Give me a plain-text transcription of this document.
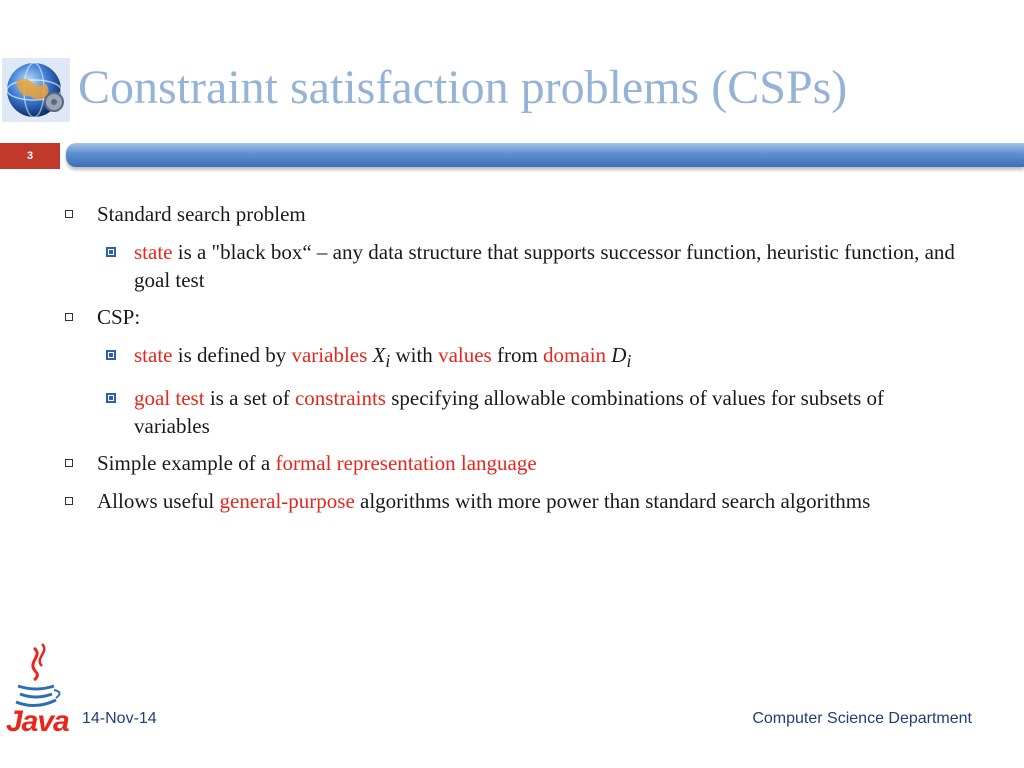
Constraint satisfaction problems (CSPs)
3
Standard search problem
state is a "black box“ – any data structure that supports successor function, heuristic function, and goal test
CSP:
state is defined by variables $X_i$ with values from domain $D_i$
goal test is a set of constraints specifying allowable combinations of values for subsets of variables
Simple example of a formal representation language
Allows useful general-purpose algorithms with more power than standard search algorithms
Java 14-Nov-14	Computer Science Department
